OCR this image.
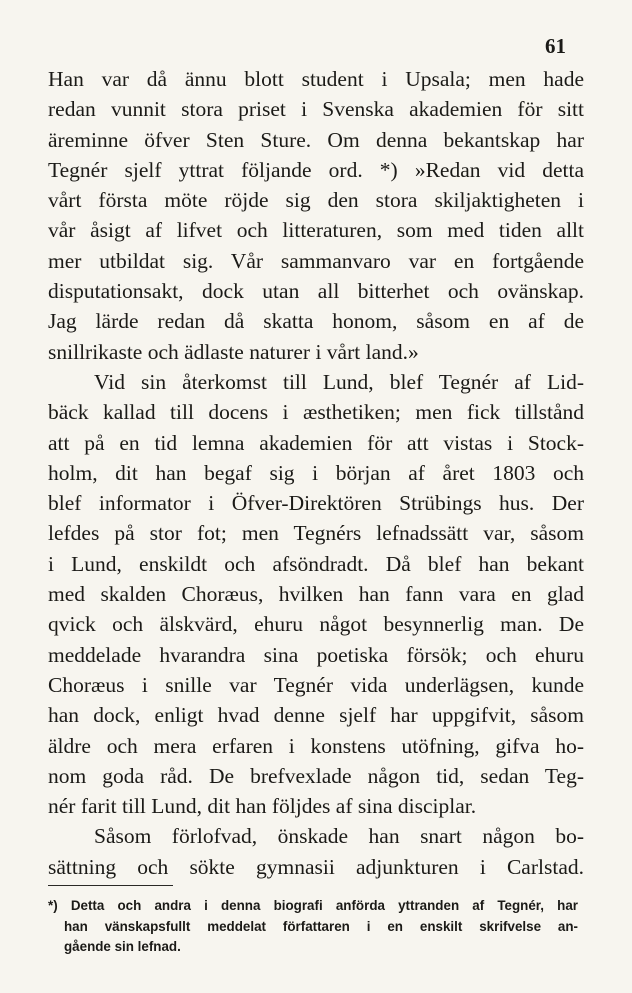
61
Han var då ännu blott student i Upsala; men hade
redan vunnit stora priset i Svenska akademien för sitt
äreminne öfver Sten Sture. Om denna bekantskap har
Tegnér sjelf yttrat följande ord. *) »Redan vid detta
vårt första möte röjde sig den stora skiljaktigheten i
vår åsigt af lifvet och litteraturen, som med tiden allt
mer utbildat sig. Vår sammanvaro var en fortgående
disputationsakt, dock utan all bitterhet och ovänskap.
Jag lärde redan då skatta honom, såsom en af de
snillrikaste och ädlaste naturer i vårt land.»
Vid sin återkomst till Lund, blef Tegnér af Lid-
bäck kallad till docens i æsthetiken; men fick tillstånd
att på en tid lemna akademien för att vistas i Stock-
holm, dit han begaf sig i början af året 1803 och
blef informator i Öfver-Direktören Strübings hus. Der
lefdes på stor fot; men Tegnérs lefnadssätt var, såsom
i Lund, enskildt och afsöndradt. Då blef han bekant
med skalden Choræus, hvilken han fann vara en glad
qvick och älskvärd, ehuru något besynnerlig man. De
meddelade hvarandra sina poetiska försök; och ehuru
Choræus i snille var Tegnér vida underlägsen, kunde
han dock, enligt hvad denne sjelf har uppgifvit, såsom
äldre och mera erfaren i konstens utöfning, gifva ho-
nom goda råd. De brefvexlade någon tid, sedan Teg-
nér farit till Lund, dit han följdes af sina disciplar.
Såsom förlofvad, önskade han snart någon bo-
sättning och sökte gymnasii adjunkturen i Carlstad.
*) Detta och andra i denna biografi anförda yttranden af Tegnér, har
han vänskapsfullt meddelat författaren i en enskilt skrifvelse an-
gående sin lefnad.
